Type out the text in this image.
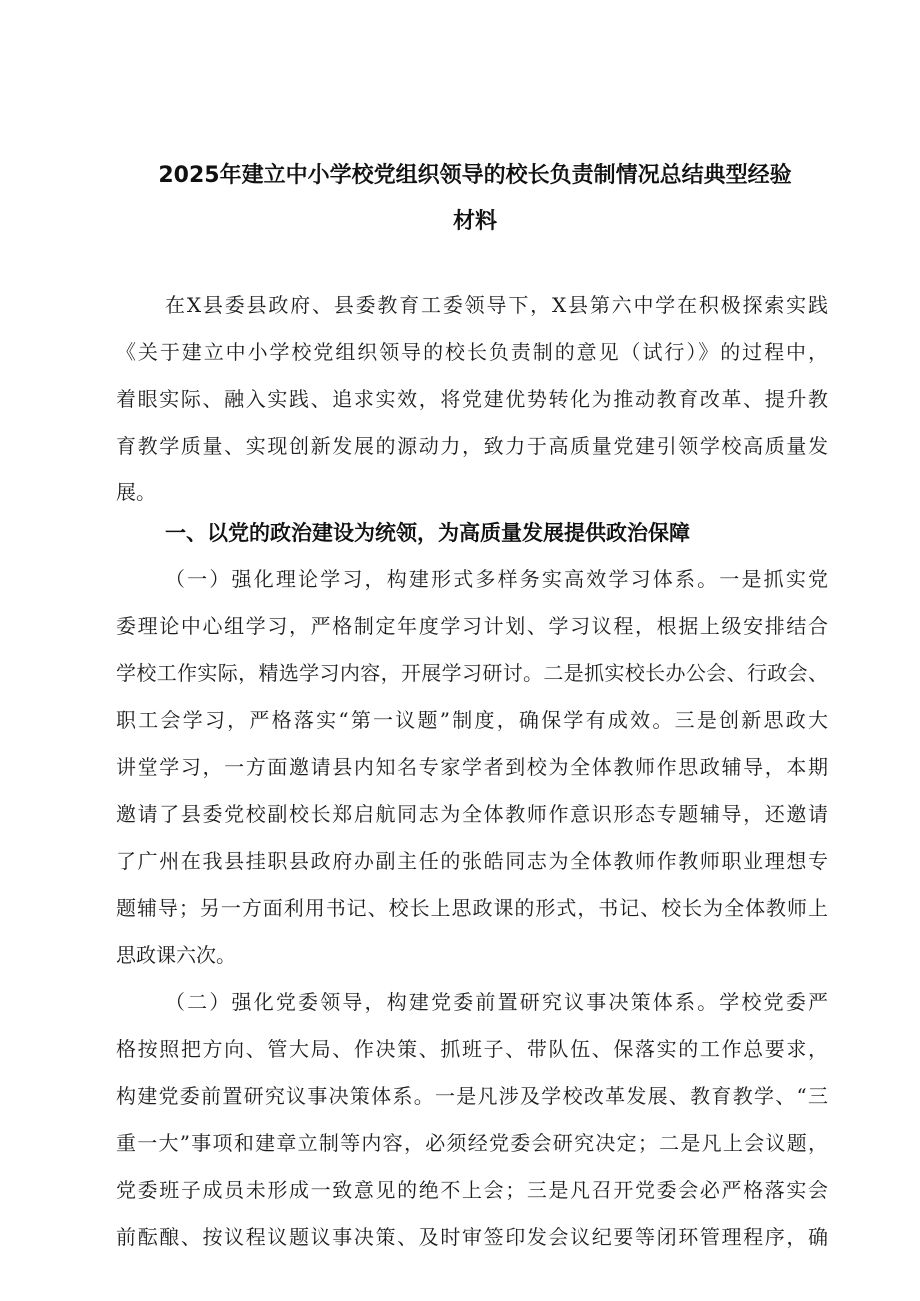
2025年建立中小学校党组织领导的校长负责制情况总结典型经验
材料
在X县委县政府、县委教育工委领导下，X县第六中学在积极探索实践
《关于建立中小学校党组织领导的校长负责制的意见（试行）》的过程中，
着眼实际、融入实践、追求实效，将党建优势转化为推动教育改革、提升教
育教学质量、实现创新发展的源动力，致力于高质量党建引领学校高质量发
展。
一、以党的政治建设为统领，为高质量发展提供政治保障
（一）强化理论学习，构建形式多样务实高效学习体系。一是抓实党
委理论中心组学习，严格制定年度学习计划、学习议程，根据上级安排结合
学校工作实际，精选学习内容，开展学习研讨。二是抓实校长办公会、行政会、
职工会学习，严格落实“第一议题”制度，确保学有成效。三是创新思政大
讲堂学习，一方面邀请县内知名专家学者到校为全体教师作思政辅导，本期
邀请了县委党校副校长郑启航同志为全体教师作意识形态专题辅导，还邀请
了广州在我县挂职县政府办副主任的张皓同志为全体教师作教师职业理想专
题辅导；另一方面利用书记、校长上思政课的形式，书记、校长为全体教师上
思政课六次。
（二）强化党委领导，构建党委前置研究议事决策体系。学校党委严
格按照把方向、管大局、作决策、抓班子、带队伍、保落实的工作总要求，
构建党委前置研究议事决策体系。一是凡涉及学校改革发展、教育教学、“三
重一大”事项和建章立制等内容，必须经党委会研究决定；二是凡上会议题，
党委班子成员未形成一致意见的绝不上会；三是凡召开党委会必严格落实会
前酝酿、按议程议题议事决策、及时审签印发会议纪要等闭环管理程序，确
